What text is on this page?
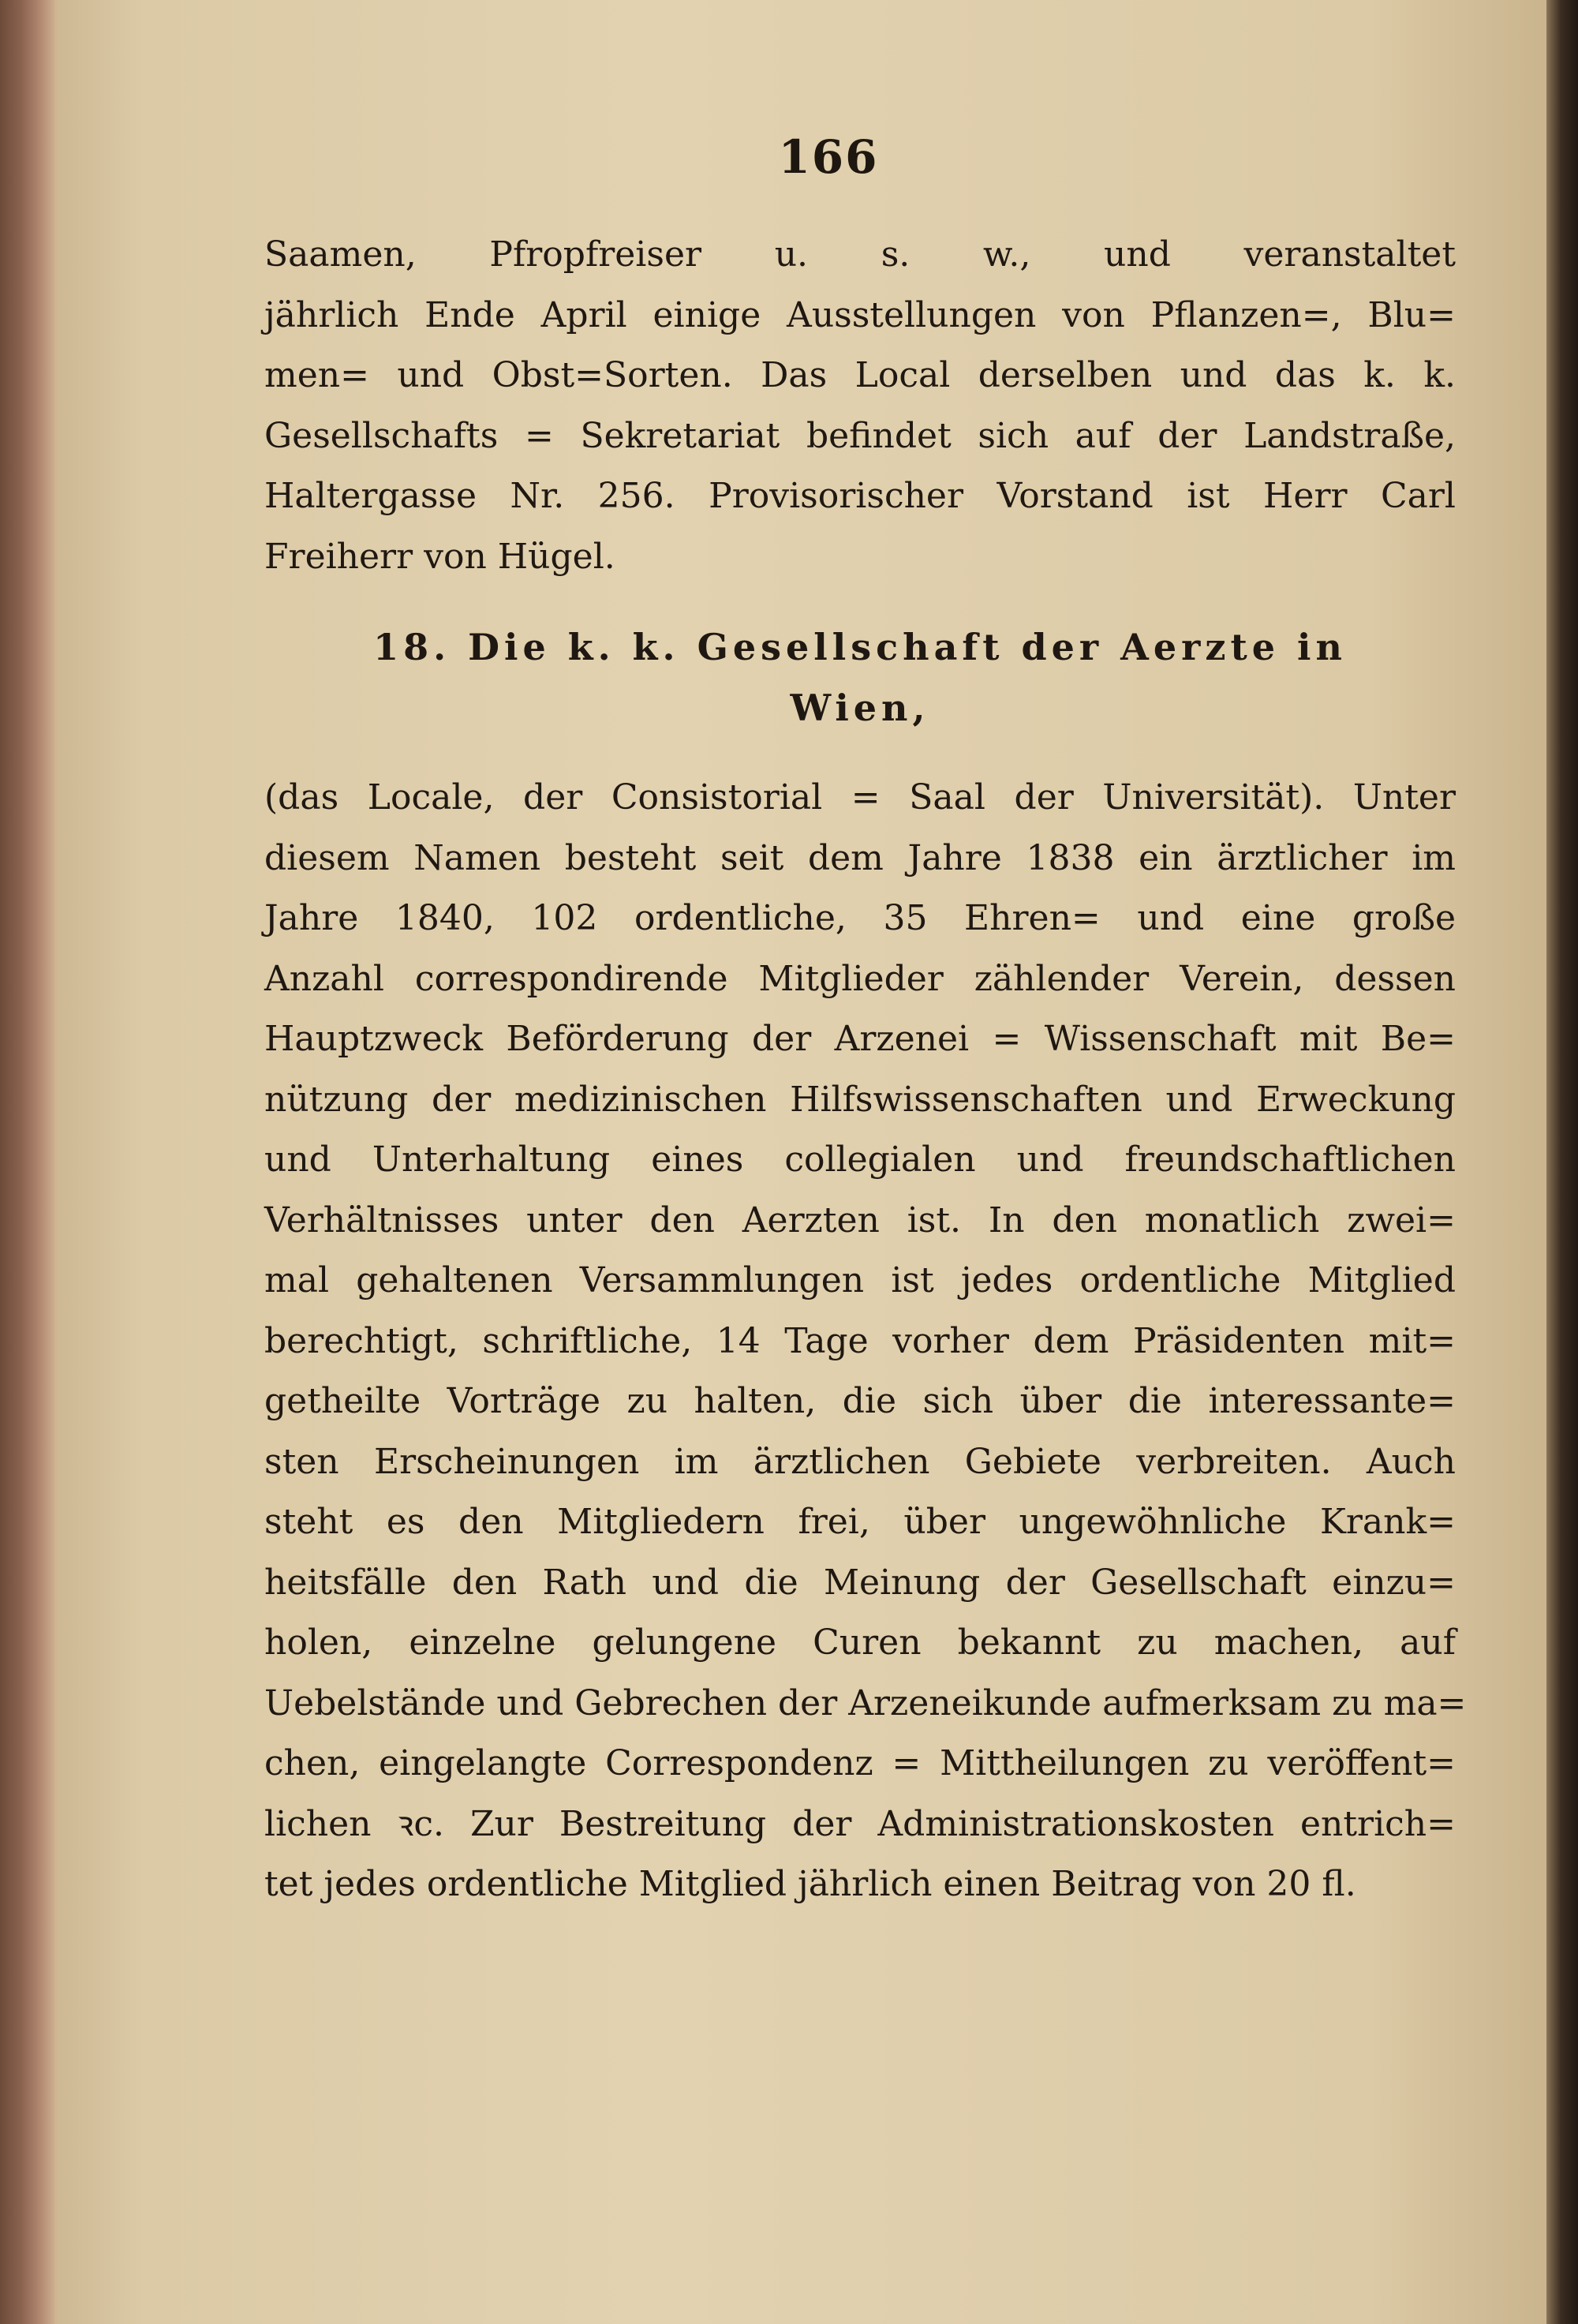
166
Saamen, Pfropfreiser u. s. w., und veranstaltet
jährlich Ende April einige Ausstellungen von Pflanzen=, Blu=
men= und Obst=Sorten. Das Local derselben und das k. k.
Gesellschafts = Sekretariat befindet sich auf der Landstraße,
Haltergasse Nr. 256. Provisorischer Vorstand ist Herr Carl
Freiherr von Hügel.
18. Die k. k. Gesellschaft der Aerzte in
Wien,
(das Locale, der Consistorial = Saal der Universität). Unter
diesem Namen besteht seit dem Jahre 1838 ein ärztlicher im
Jahre 1840, 102 ordentliche, 35 Ehren= und eine große
Anzahl correspondirende Mitglieder zählender Verein, dessen
Hauptzweck Beförderung der Arzenei = Wissenschaft mit Be=
nützung der medizinischen Hilfswissenschaften und Erweckung
und Unterhaltung eines collegialen und freundschaftlichen
Verhältnisses unter den Aerzten ist. In den monatlich zwei=
mal gehaltenen Versammlungen ist jedes ordentliche Mitglied
berechtigt, schriftliche, 14 Tage vorher dem Präsidenten mit=
getheilte Vorträge zu halten, die sich über die interessante=
sten Erscheinungen im ärztlichen Gebiete verbreiten. Auch
steht es den Mitgliedern frei, über ungewöhnliche Krank=
heitsfälle den Rath und die Meinung der Gesellschaft einzu=
holen, einzelne gelungene Curen bekannt zu machen, auf
Uebelstände und Gebrechen der Arzeneikunde aufmerksam zu ma=
chen, eingelangte Correspondenz = Mittheilungen zu veröffent=
lichen ꝛc. Zur Bestreitung der Administrationskosten entrich=
tet jedes ordentliche Mitglied jährlich einen Beitrag von 20 fl.
